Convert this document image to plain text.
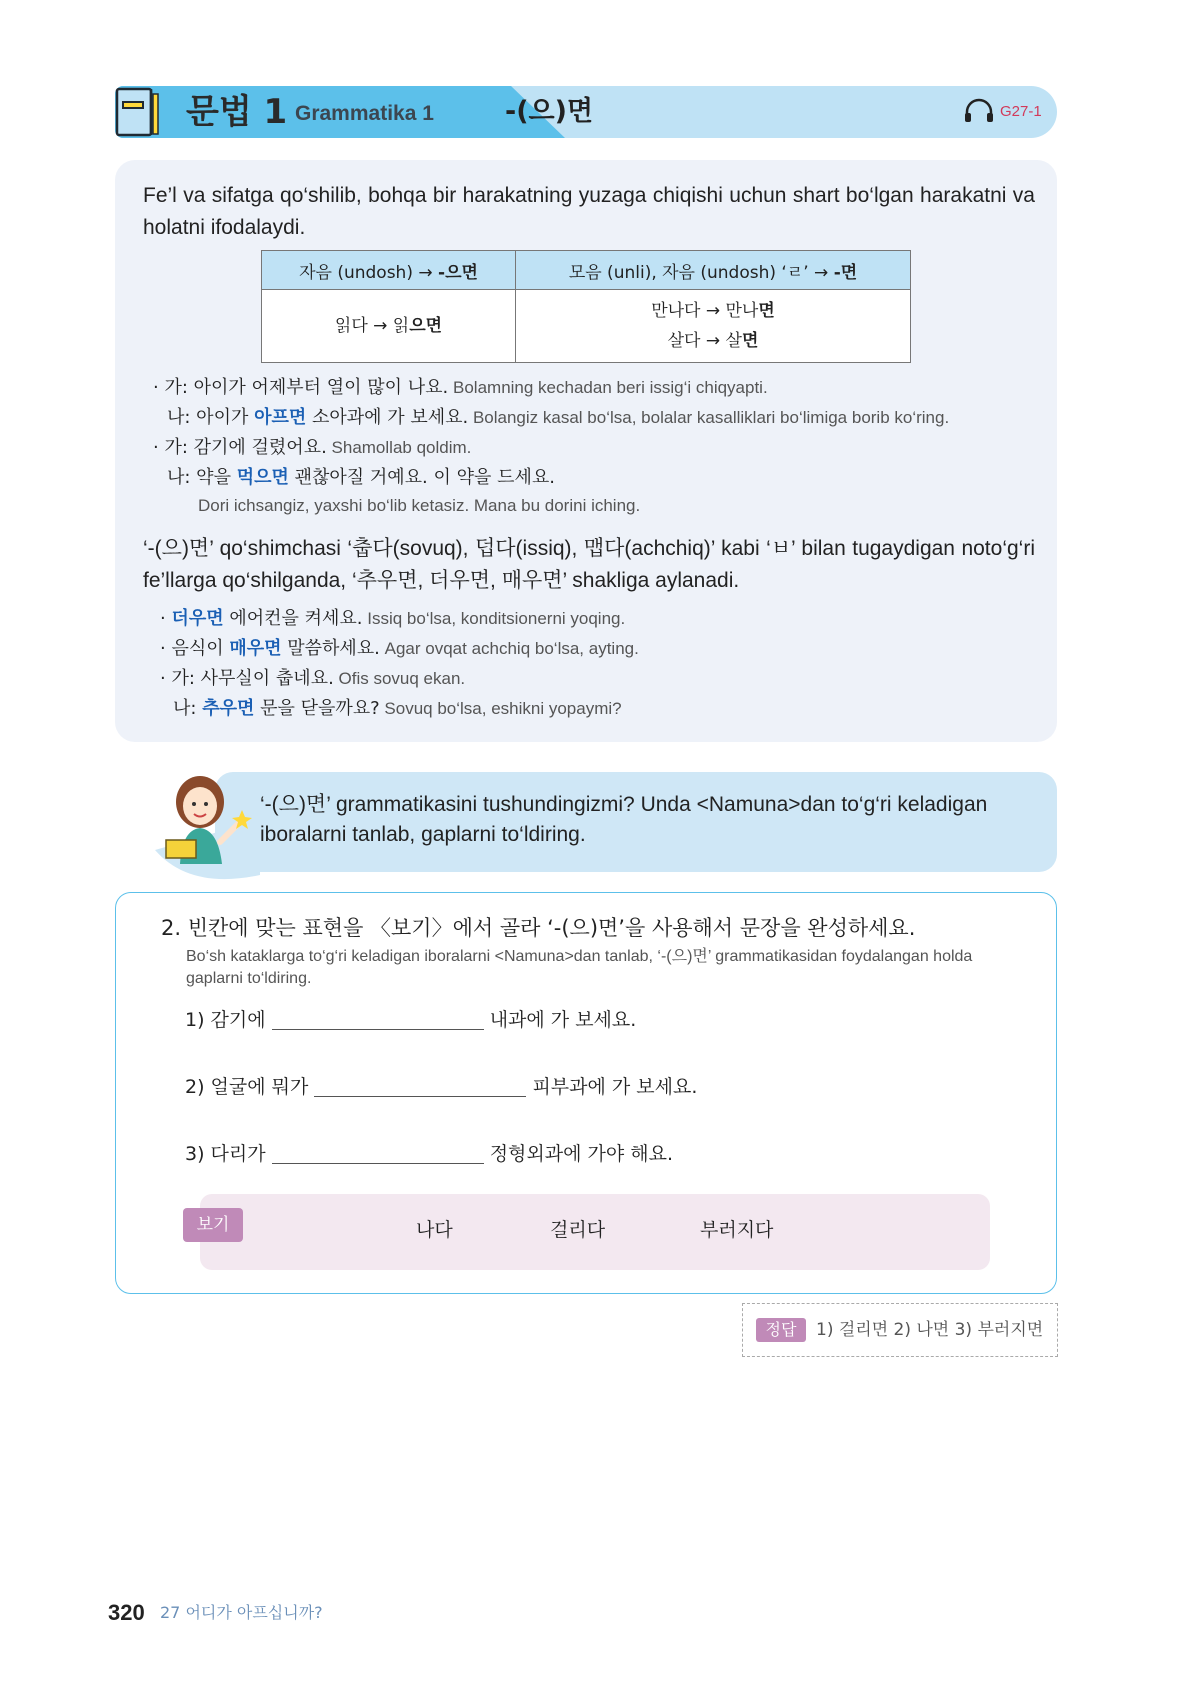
문법 1 Grammatika 1	-(으)면	G27-1
Fe’l va sifatga qo‘shilib, bohqa bir harakatning yuzaga chiqishi uchun shart bo‘lgan harakatni va holatni ifodalaydi.
자음 (undosh) → -으면	모음 (unli), 자음 (undosh) ‘ㄹ’ → -면
읽다 → 읽으면	만나다 → 만나면
살다 → 살면
· 가: 아이가 어제부터 열이 많이 나요. Bolamning kechadan beri issig‘i chiqyapti.
나: 아이가 아프면 소아과에 가 보세요. Bolangiz kasal bo‘lsa, bolalar kasalliklari bo‘limiga borib ko‘ring.
· 가: 감기에 걸렸어요. Shamollab qoldim.
나: 약을 먹으면 괜찮아질 거예요. 이 약을 드세요.
Dori ichsangiz, yaxshi bo‘lib ketasiz. Mana bu dorini iching.
‘-(으)면’ qo‘shimchasi ‘춥다(sovuq), 덥다(issiq), 맵다(achchiq)’ kabi ‘ㅂ’ bilan tugaydigan noto‘g‘ri fe’llarga qo‘shilganda, ‘추우면, 더우면, 매우면’ shakliga aylanadi.
· 더우면 에어컨을 켜세요. Issiq bo‘lsa, konditsionerni yoqing.
· 음식이 매우면 말씀하세요. Agar ovqat achchiq bo‘lsa, ayting.
· 가: 사무실이 춥네요. Ofis sovuq ekan.
나: 추우면 문을 닫을까요? Sovuq bo‘lsa, eshikni yopaymi?
‘-(으)면’ grammatikasini tushundingizmi? Unda <Namuna>dan to‘g‘ri keladigan iboralarni tanlab, gaplarni to‘ldiring.
2. 빈칸에 맞는 표현을 〈보기〉에서 골라 ‘-(으)면’을 사용해서 문장을 완성하세요.
Bo‘sh kataklarga to‘g‘ri keladigan iboralarni <Namuna>dan tanlab, ‘-(으)면’ grammatikasidan foydalangan holda gaplarni to‘ldiring.
1) 감기에	내과에 가 보세요.
2) 얼굴에 뭐가	피부과에 가 보세요.
3) 다리가	정형외과에 가야 해요.
보기	나다	걸리다	부러지다
정답	1) 걸리면 2) 나면 3) 부러지면
320 27 어디가 아프십니까?
